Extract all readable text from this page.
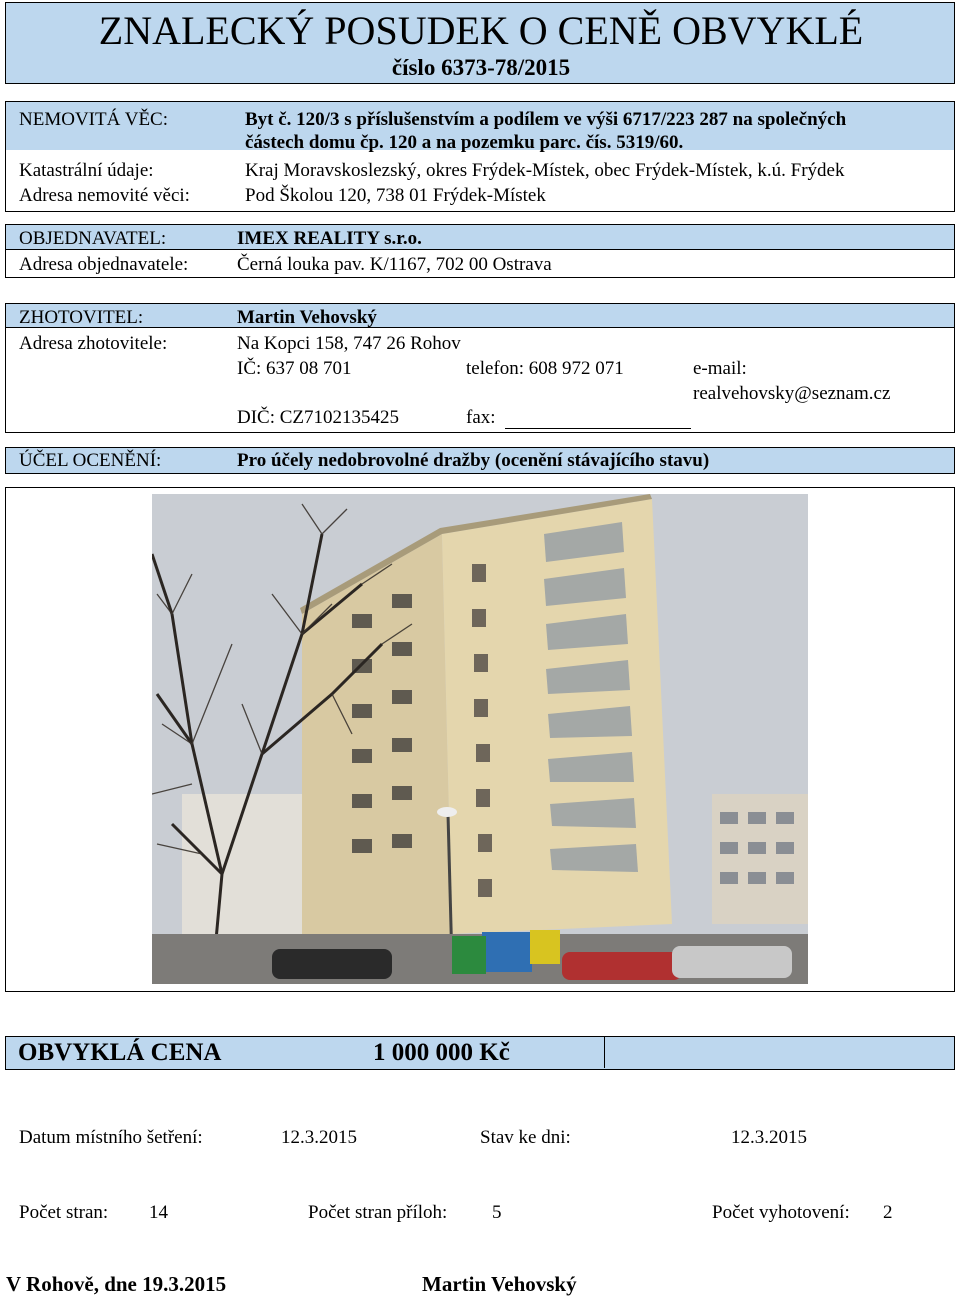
ZNALECKÝ POSUDEK O CENĚ OBVYKLÉ
číslo 6373-78/2015
NEMOVITÁ VĚC:	Byt č. 120/3 s příslušenstvím a podílem ve výši 6717/223 287 na společných
částech domu čp. 120 a na pozemku parc. čís. 5319/60.
Katastrální údaje:	Kraj Moravskoslezský, okres Frýdek-Místek, obec Frýdek-Místek, k.ú. Frýdek
Adresa nemovité věci:	Pod Školou 120, 738 01 Frýdek-Místek
OBJEDNAVATEL:	IMEX REALITY s.r.o.
Adresa objednavatele:	Černá louka pav. K/1167, 702 00 Ostrava
ZHOTOVITEL:	Martin Vehovský
Adresa zhotovitele:	Na Kopci 158, 747 26 Rohov
IČ: 637 08 701	telefon: 608 972 071	e-mail:
realvehovsky@seznam.cz
DIČ: CZ7102135425	fax:
ÚČEL OCENĚNÍ:	Pro účely nedobrovolné dražby (ocenění stávajícího stavu)
OBVYKLÁ CENA	1 000 000 Kč
Datum místního šetření:	12.3.2015	Stav ke dni:	12.3.2015
Počet stran: 14	Počet stran příloh: 5	Počet vyhotovení: 2
V Rohově, dne 19.3.2015	Martin Vehovský
